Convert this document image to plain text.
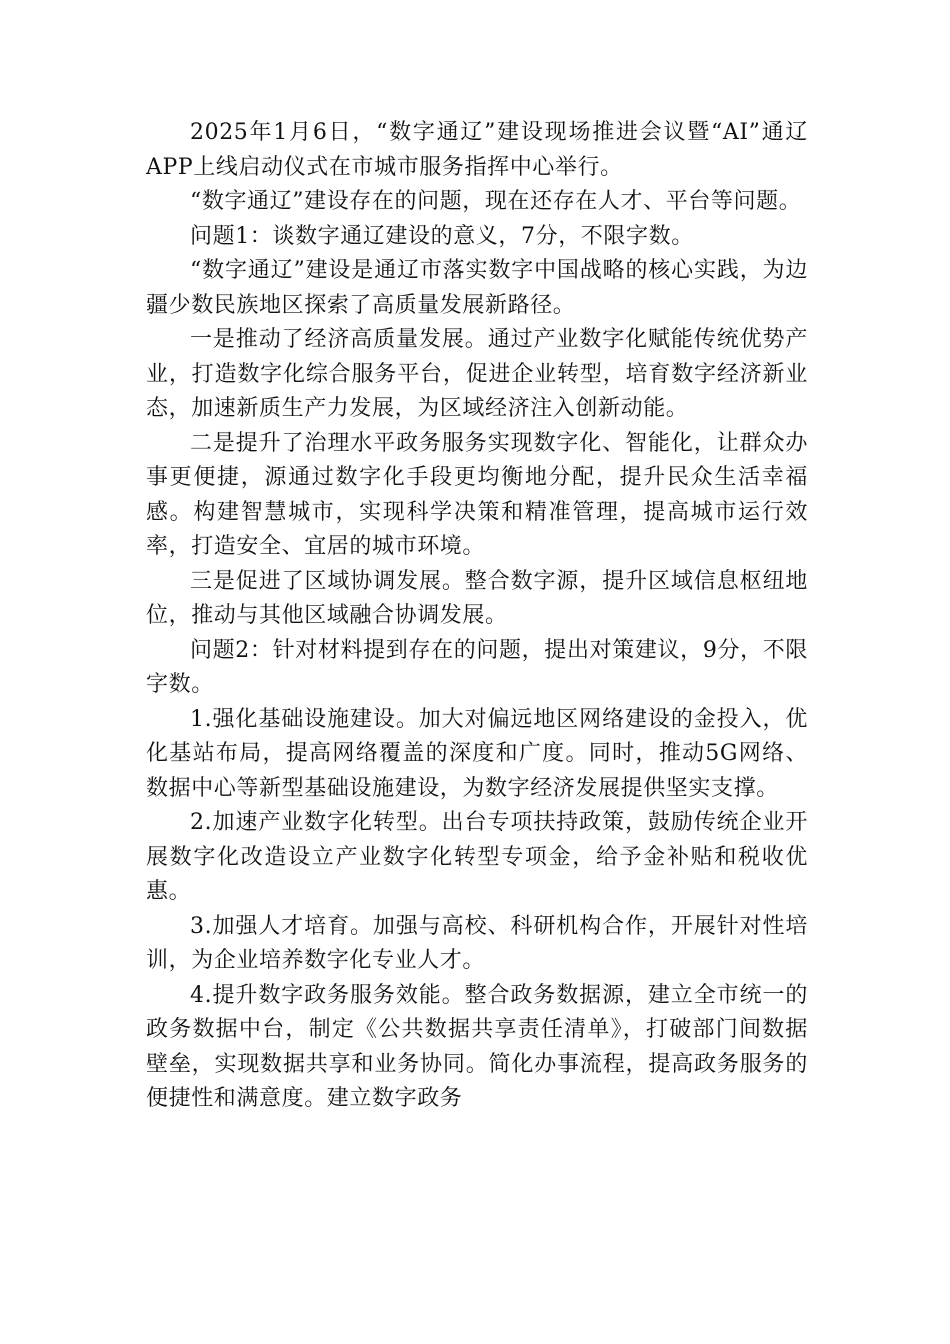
2025年1月6日，“数字通辽”建设现场推进会议暨“AI”通辽APP上线启动仪式在市城市服务指挥中心举行。

“数字通辽”建设存在的问题，现在还存在人才、平台等问题。

问题1：谈数字通辽建设的意义，7分，不限字数。

“数字通辽”建设是通辽市落实数字中国战略的核心实践，为边疆少数民族地区探索了高质量发展新路径。

一是推动了经济高质量发展。通过产业数字化赋能传统优势产业，打造数字化综合服务平台，促进企业转型，培育数字经济新业态，加速新质生产力发展，为区域经济注入创新动能。

二是提升了治理水平政务服务实现数字化、智能化，让群众办事更便捷，源通过数字化手段更均衡地分配，提升民众生活幸福感。构建智慧城市，实现科学决策和精准管理，提高城市运行效率，打造安全、宜居的城市环境。

三是促进了区域协调发展。整合数字源，提升区域信息枢纽地位，推动与其他区域融合协调发展。

问题2：针对材料提到存在的问题，提出对策建议，9分，不限字数。

1.强化基础设施建设。加大对偏远地区网络建设的金投入，优化基站布局，提高网络覆盖的深度和广度。同时，推动5G网络、数据中心等新型基础设施建设，为数字经济发展提供坚实支撑。

2.加速产业数字化转型。出台专项扶持政策，鼓励传统企业开展数字化改造设立产业数字化转型专项金，给予金补贴和税收优惠。

3.加强人才培育。加强与高校、科研机构合作，开展针对性培训，为企业培养数字化专业人才。

4.提升数字政务服务效能。整合政务数据源，建立全市统一的政务数据中台，制定《公共数据共享责任清单》，打破部门间数据壁垒，实现数据共享和业务协同。简化办事流程，提高政务服务的便捷性和满意度。建立数字政务
